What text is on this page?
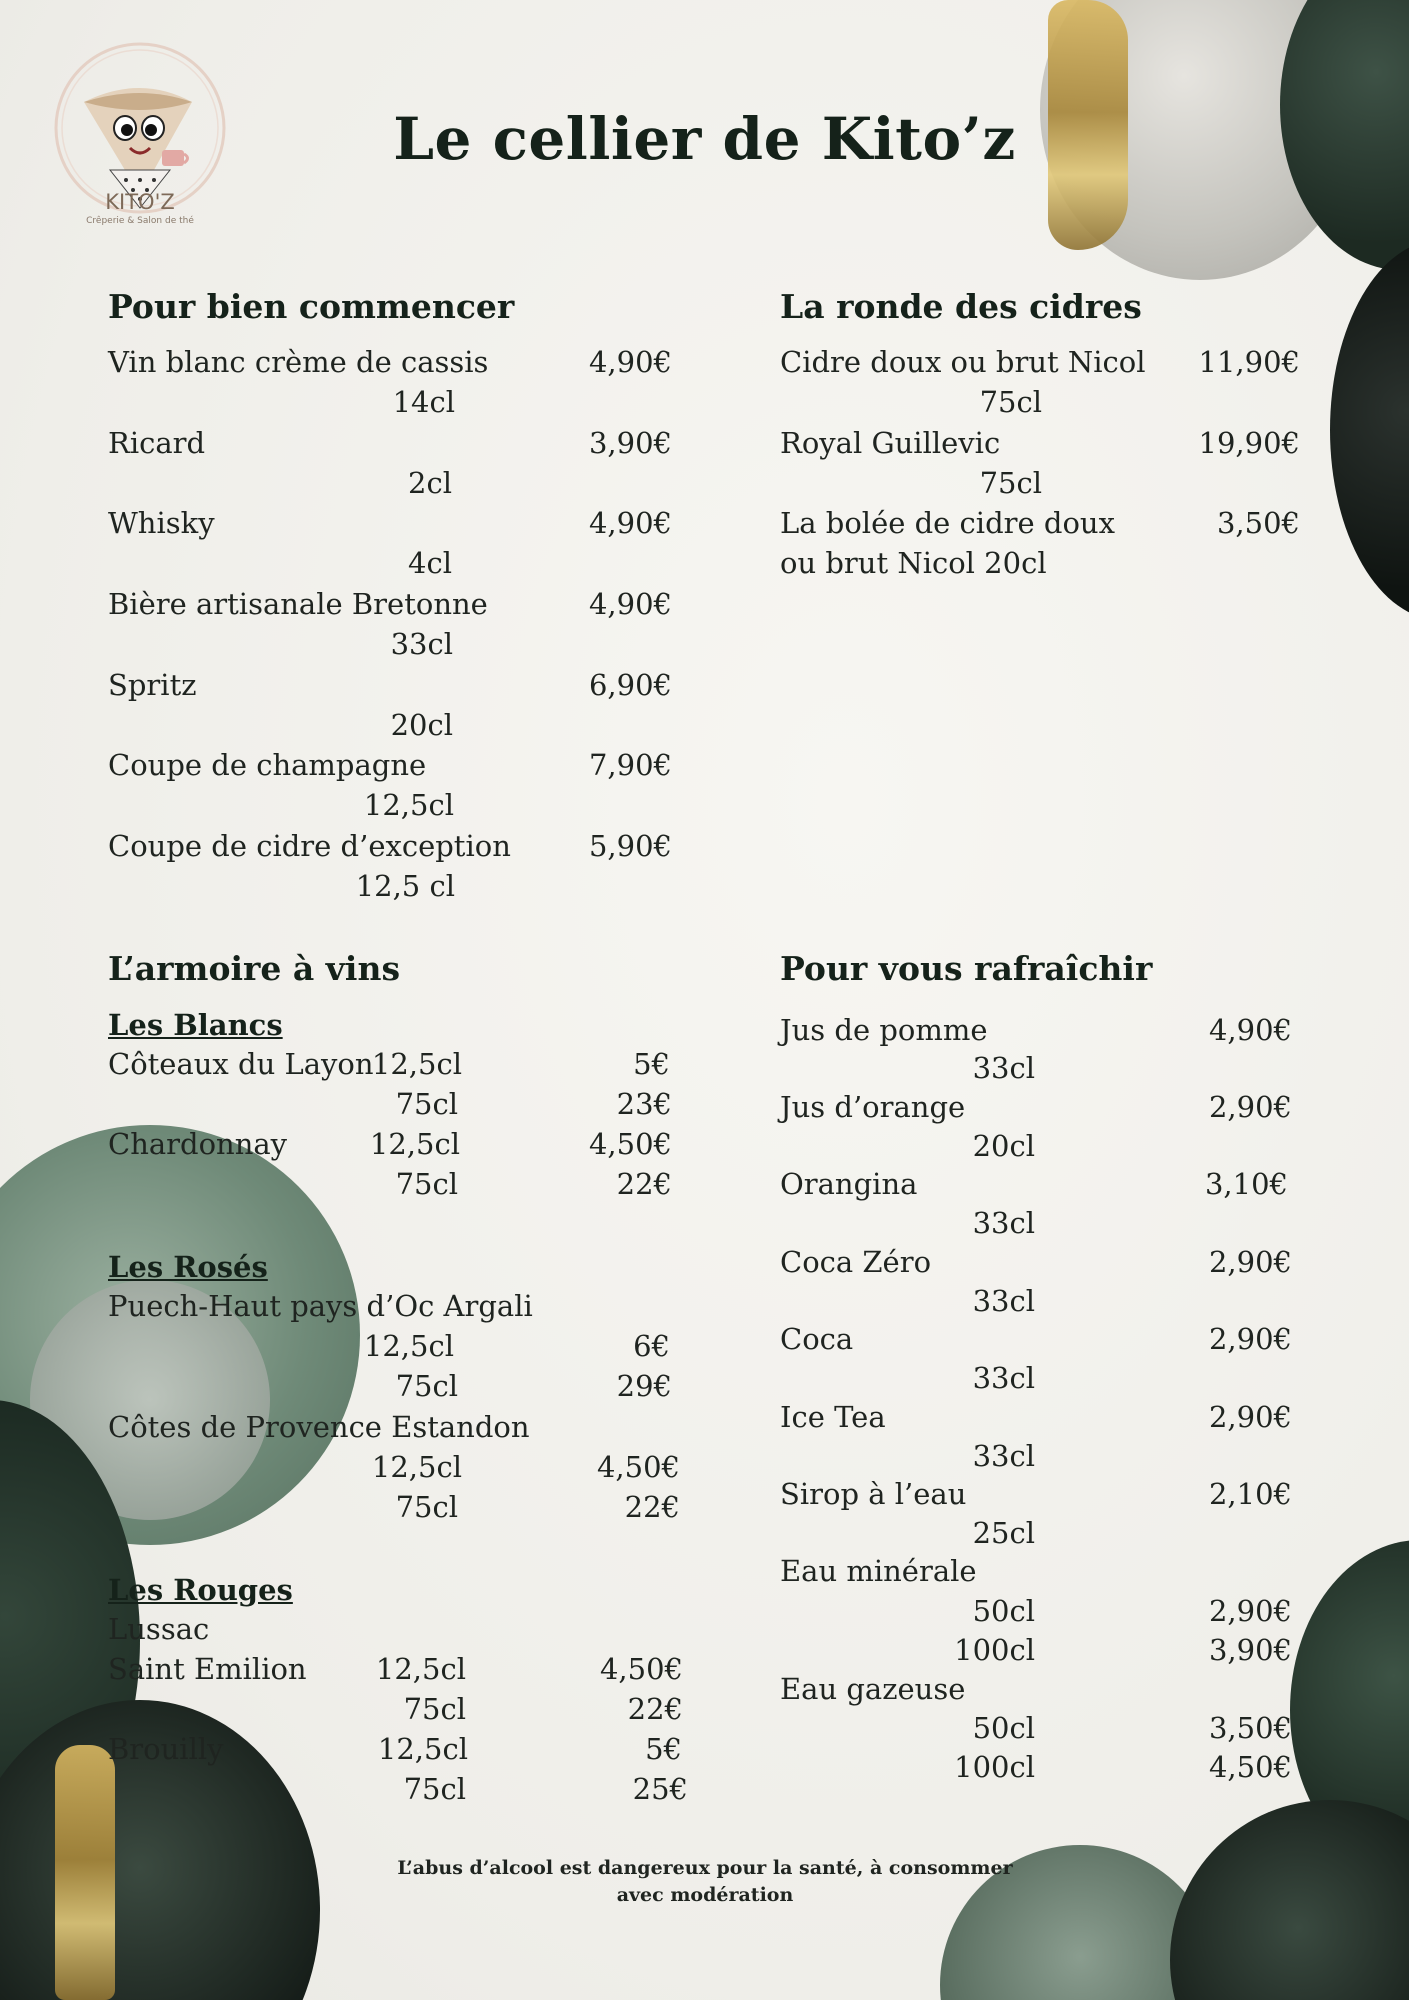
KITO'Z
Crêperie & Salon de thé
Le cellier de Kito’z
Pour bien commencer
Vin blanc crème de cassis	4,90€
14cl
Ricard	3,90€
2cl
Whisky	4,90€
4cl
Bière artisanale Bretonne	4,90€
33cl
Spritz	6,90€
20cl
Coupe de champagne	7,90€
12,5cl
Coupe de cidre d’exception	5,90€
12,5 cl
La ronde des cidres
Cidre doux ou brut Nicol	11,90€
75cl
Royal Guillevic	19,90€
75cl
La bolée de cidre doux	3,50€
ou brut Nicol 20cl
L’armoire à vins
Les Blancs
Côteaux du Layon
12,5cl	5€
75cl	23€
Chardonnay	12,5cl	4,50€
75cl	22€
Les Rosés
Puech-Haut pays d’Oc Argali
12,5cl	6€
75cl	29€
Côtes de Provence Estandon
12,5cl	4,50€
75cl	22€
Les Rouges
Lussac
Saint Emilion	12,5cl	4,50€
75cl	22€
Brouilly	12,5cl	5€
75cl	25€
Pour vous rafraîchir
Jus de pomme	4,90€
33cl
Jus d’orange	2,90€
20cl
Orangina	3,10€
33cl
Coca Zéro	2,90€
33cl
Coca	2,90€
33cl
Ice Tea	2,90€
33cl
Sirop à l’eau	2,10€
25cl
Eau minérale
50cl	2,90€
100cl	3,90€
Eau gazeuse
50cl	3,50€
100cl	4,50€
L’abus d’alcool est dangereux pour la santé, à consommer
avec modération
